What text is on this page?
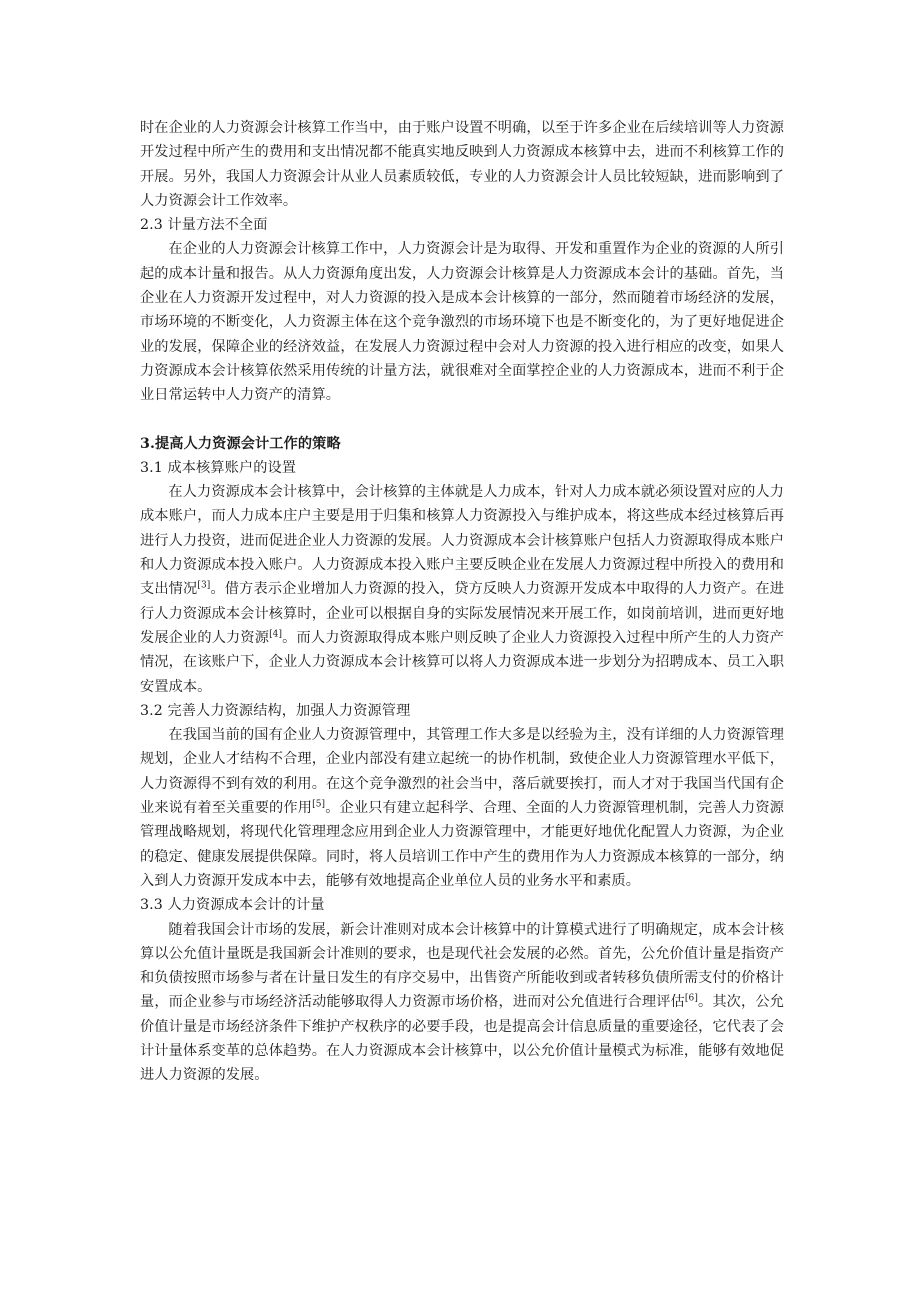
时在企业的人力资源会计核算工作当中，由于账户设置不明确，以至于许多企业在后续培训等人力资源开发过程中所产生的费用和支出情况都不能真实地反映到人力资源成本核算中去，进而不利核算工作的开展。另外，我国人力资源会计从业人员素质较低，专业的人力资源会计人员比较短缺，进而影响到了人力资源会计工作效率。

2.3 计量方法不全面

在企业的人力资源会计核算工作中，人力资源会计是为取得、开发和重置作为企业的资源的人所引起的成本计量和报告。从人力资源角度出发，人力资源会计核算是人力资源成本会计的基础。首先，当企业在人力资源开发过程中，对人力资源的投入是成本会计核算的一部分，然而随着市场经济的发展，市场环境的不断变化，人力资源主体在这个竞争激烈的市场环境下也是不断变化的，为了更好地促进企业的发展，保障企业的经济效益，在发展人力资源过程中会对人力资源的投入进行相应的改变，如果人力资源成本会计核算依然采用传统的计量方法，就很难对全面掌控企业的人力资源成本，进而不利于企业日常运转中人力资产的清算。

3.提高人力资源会计工作的策略

3.1 成本核算账户的设置

在人力资源成本会计核算中，会计核算的主体就是人力成本，针对人力成本就必须设置对应的人力成本账户，而人力成本庄户主要是用于归集和核算人力资源投入与维护成本，将这些成本经过核算后再进行人力投资，进而促进企业人力资源的发展。人力资源成本会计核算账户包括人力资源取得成本账户和人力资源成本投入账户。人力资源成本投入账户主要反映企业在发展人力资源过程中所投入的费用和支出情况[3]。借方表示企业增加人力资源的投入，贷方反映人力资源开发成本中取得的人力资产。在进行人力资源成本会计核算时，企业可以根据自身的实际发展情况来开展工作，如岗前培训，进而更好地发展企业的人力资源[4]。而人力资源取得成本账户则反映了企业人力资源投入过程中所产生的人力资产情况，在该账户下，企业人力资源成本会计核算可以将人力资源成本进一步划分为招聘成本、员工入职安置成本。

3.2 完善人力资源结构，加强人力资源管理

在我国当前的国有企业人力资源管理中，其管理工作大多是以经验为主，没有详细的人力资源管理规划，企业人才结构不合理，企业内部没有建立起统一的协作机制，致使企业人力资源管理水平低下，人力资源得不到有效的利用。在这个竞争激烈的社会当中，落后就要挨打，而人才对于我国当代国有企业来说有着至关重要的作用[5]。企业只有建立起科学、合理、全面的人力资源管理机制，完善人力资源管理战略规划，将现代化管理理念应用到企业人力资源管理中，才能更好地优化配置人力资源，为企业的稳定、健康发展提供保障。同时，将人员培训工作中产生的费用作为人力资源成本核算的一部分，纳入到人力资源开发成本中去，能够有效地提高企业单位人员的业务水平和素质。

3.3 人力资源成本会计的计量

随着我国会计市场的发展，新会计准则对成本会计核算中的计算模式进行了明确规定，成本会计核算以公允值计量既是我国新会计准则的要求，也是现代社会发展的必然。首先，公允价值计量是指资产和负债按照市场参与者在计量日发生的有序交易中，出售资产所能收到或者转移负债所需支付的价格计量，而企业参与市场经济活动能够取得人力资源市场价格，进而对公允值进行合理评估[6]。其次，公允价值计量是市场经济条件下维护产权秩序的必要手段，也是提高会计信息质量的重要途径，它代表了会计计量体系变革的总体趋势。在人力资源成本会计核算中，以公允价值计量模式为标准，能够有效地促进人力资源的发展。
